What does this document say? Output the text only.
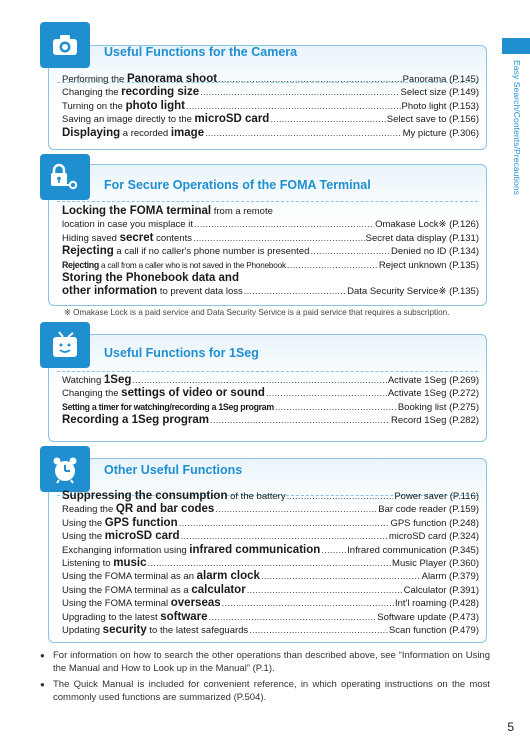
Easy Search/Contents/Precautions
Useful Functions for the Camera
Performing the Panorama shoot .....	Panorama (P.145)
Changing the recording size .....	Select size (P.149)
Turning on the photo light .....	Photo light (P.153)
Saving an image directly to the microSD card .....	Select save to (P.156)
Displaying a recorded image .....	My picture (P.306)
For Secure Operations of the FOMA Terminal
Locking the FOMA terminal from a remote
location in case you misplace it .....	Omakase Lock※ (P.126)
Hiding saved secret contents .....	Secret data display (P.131)
Rejecting a call if no caller's phone number is presented .....	Denied no ID (P.134)
Rejecting a call from a caller who is not saved in the Phonebook .....	Reject unknown (P.135)
Storing the Phonebook data and
other information to prevent data loss .....	Data Security Service※ (P.135)
※ Omakase Lock is a paid service and Data Security Service is a paid service that requires a subscription.
Useful Functions for 1Seg
Watching 1Seg .....	Activate 1Seg (P.269)
Changing the settings of video or sound .....	Activate 1Seg (P.272)
Setting a timer for watching/recording a 1Seg program .....	Booking list (P.275)
Recording a 1Seg program .....	Record 1Seg (P.282)
Other Useful Functions
Suppressing the consumption of the battery .....	Power saver (P.116)
Reading the QR and bar codes .....	Bar code reader (P.159)
Using the GPS function .....	GPS function (P.248)
Using the microSD card .....	microSD card (P.324)
Exchanging information using infrared communication .....	Infrared communication (P.345)
Listening to music .....	Music Player (P.360)
Using the FOMA terminal as an alarm clock .....	Alarm (P.379)
Using the FOMA terminal as a calculator .....	Calculator (P.391)
Using the FOMA terminal overseas .....	Int'l roaming (P.428)
Upgrading to the latest software .....	Software update (P.473)
Updating security to the latest safeguards .....	Scan function (P.479)
● For information on how to search the other operations than described above, see “Information on Using the Manual and How to Look up in the Manual” (P.1).
● The Quick Manual is included for convenient reference, in which operating instructions on the most commonly used functions are summarized (P.504).
5
